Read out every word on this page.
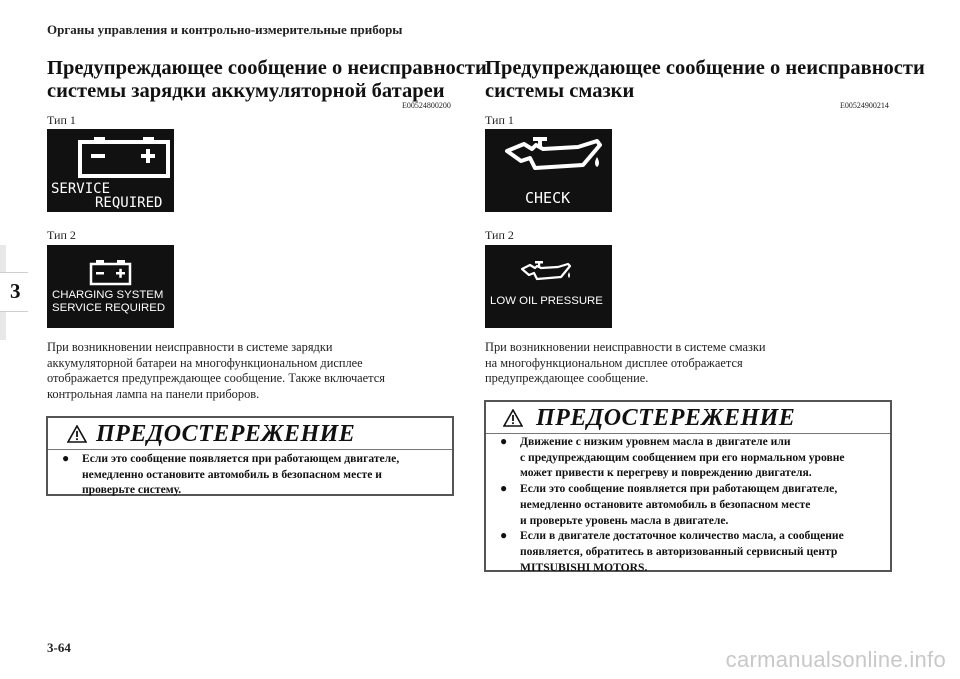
Органы управления и контрольно-измерительные приборы
3
Предупреждающее сообщение о неисправности
системы зарядки аккумуляторной батареи
E00524800200
Тип 1
SERVICE
REQUIRED
Тип 2
CHARGING SYSTEM
SERVICE REQUIRED
При возникновении неисправности в системе зарядки
аккумуляторной батареи на многофункциональном дисплее
отображается предупреждающее сообщение. Также включается
контрольная лампа на панели приборов.
ПРЕДОСТЕРЕЖЕНИЕ
● Если это сообщение появляется при работающем двигателе,
немедленно остановите автомобиль в безопасном месте и
проверьте систему.
Предупреждающее сообщение о неисправности
системы смазки
E00524900214
Тип 1
CHECK
Тип 2
LOW OIL PRESSURE
При возникновении неисправности в системе смазки
на многофункциональном дисплее отображается
предупреждающее сообщение.
ПРЕДОСТЕРЕЖЕНИЕ
● Движение с низким уровнем масла в двигателе или
с предупреждающим сообщением при его нормальном уровне
может привести к перегреву и повреждению двигателя.
● Если это сообщение появляется при работающем двигателе,
немедленно остановите автомобиль в безопасном месте
и проверьте уровень масла в двигателе.
● Если в двигателе достаточное количество масла, а сообщение
появляется, обратитесь в авторизованный сервисный центр
MITSUBISHI MOTORS.
3-64	carmanualsonline.info
